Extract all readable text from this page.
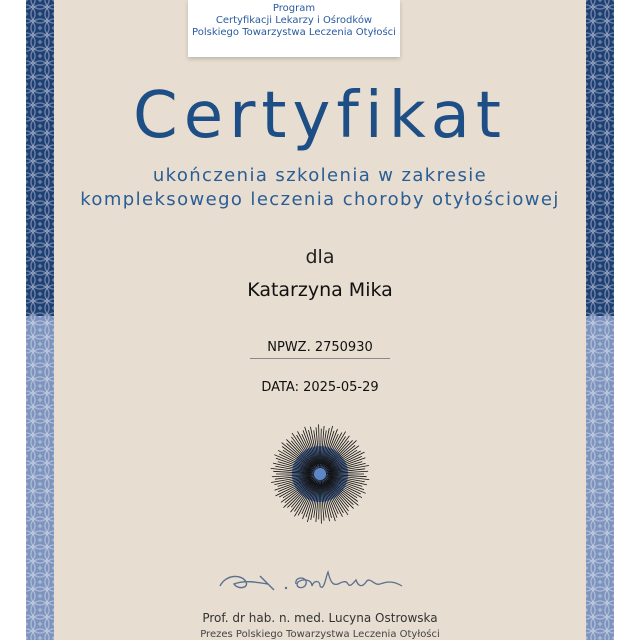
Program
Certyfikacji Lekarzy i Ośrodków
Polskiego Towarzystwa Leczenia Otyłości
Certyfikat
ukończenia szkolenia w zakresie
kompleksowego leczenia choroby otyłościowej
dla
Katarzyna Mika
NPWZ. 2750930
DATA: 2025-05-29
Prof. dr hab. n. med. Lucyna Ostrowska
Prezes Polskiego Towarzystwa Leczenia Otyłości
